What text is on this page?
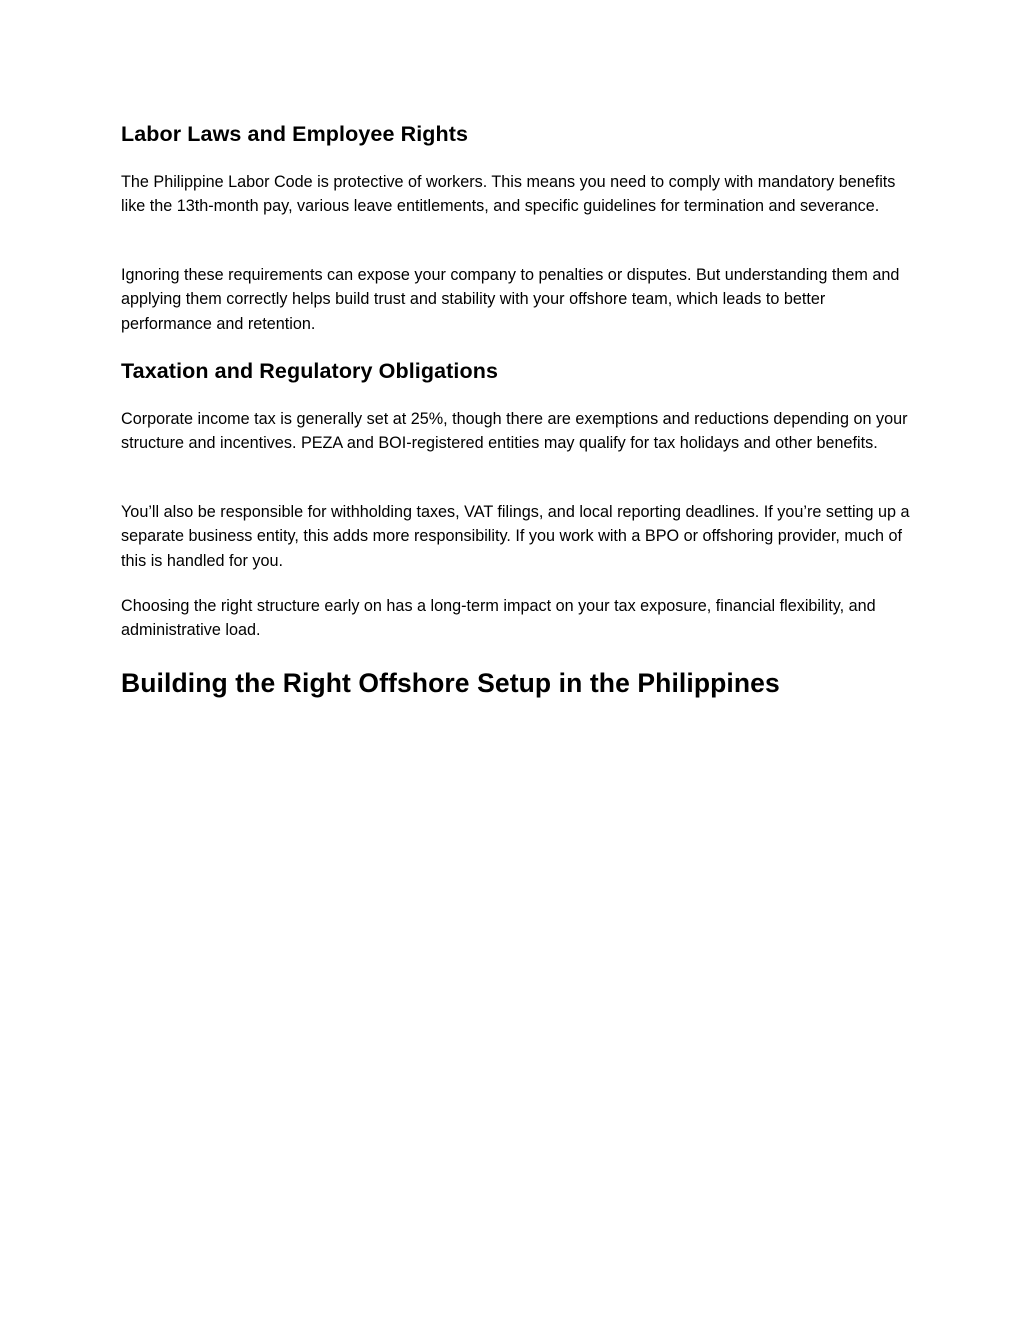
Labor Laws and Employee Rights

The Philippine Labor Code is protective of workers. This means you need to comply with mandatory benefits like the 13th-month pay, various leave entitlements, and specific guidelines for termination and severance.

Ignoring these requirements can expose your company to penalties or disputes. But understanding them and applying them correctly helps build trust and stability with your offshore team, which leads to better performance and retention.

Taxation and Regulatory Obligations

Corporate income tax is generally set at 25%, though there are exemptions and reductions depending on your structure and incentives. PEZA and BOI-registered entities may qualify for tax holidays and other benefits.

You’ll also be responsible for withholding taxes, VAT filings, and local reporting deadlines. If you’re setting up a separate business entity, this adds more responsibility. If you work with a BPO or offshoring provider, much of this is handled for you.

Choosing the right structure early on has a long-term impact on your tax exposure, financial flexibility, and administrative load.

Building the Right Offshore Setup in the Philippines
